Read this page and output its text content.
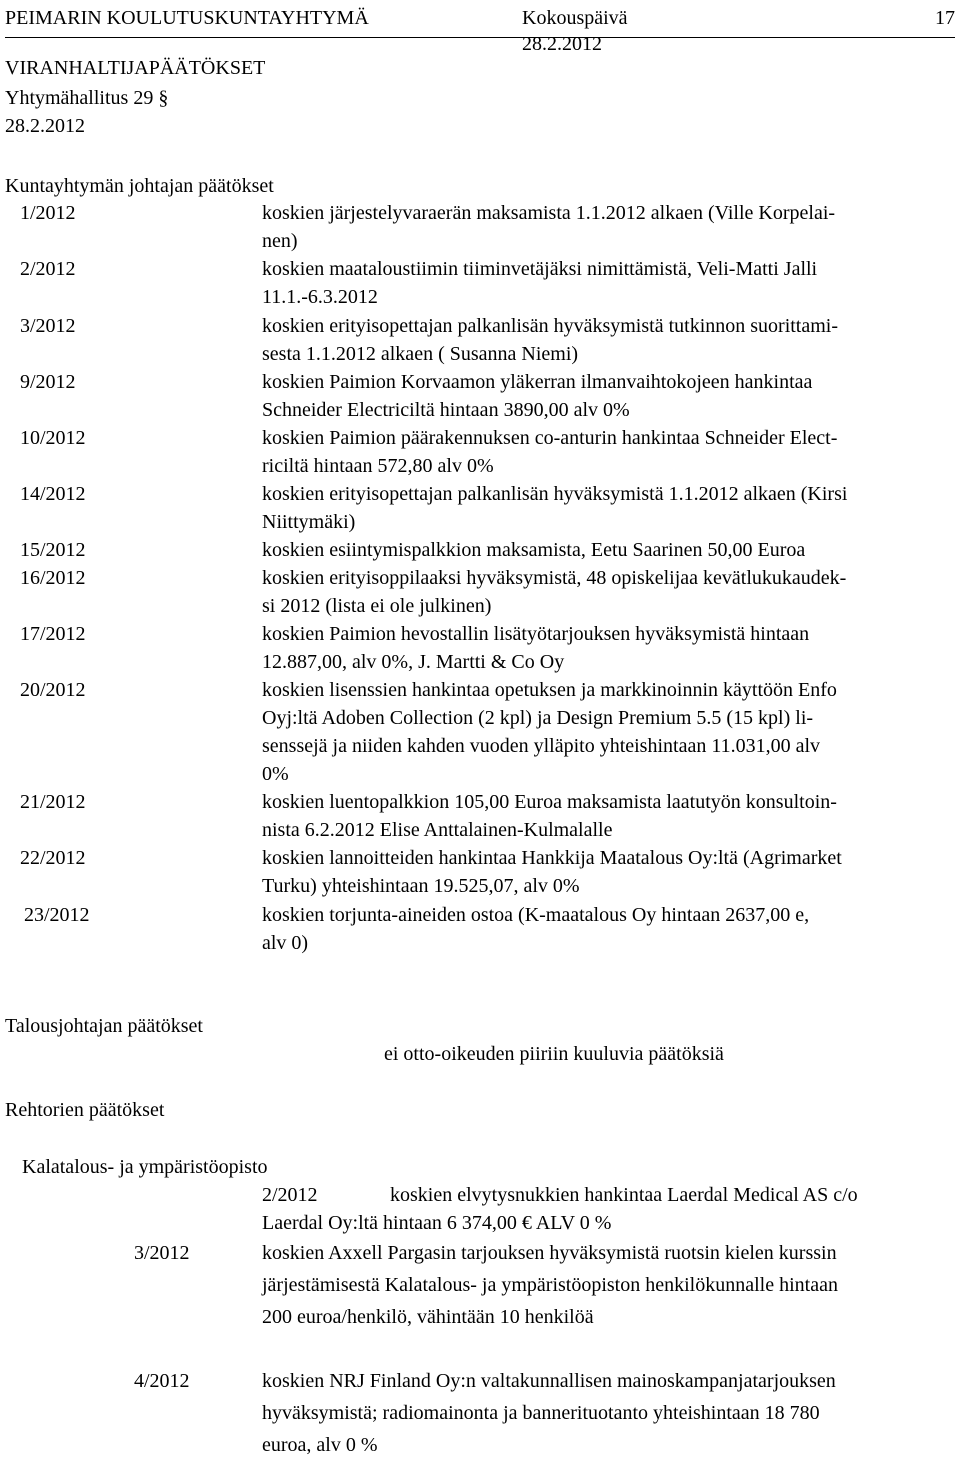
PEIMARIN KOULUTUSKUNTAYHTYMÄ	Kokouspäivä	17
28.2.2012
VIRANHALTIJAPÄÄTÖKSET
Yhtymähallitus 29 §
28.2.2012
Kuntayhtymän johtajan päätökset
1/2012	koskien järjestelyvaraerän maksamista 1.1.2012 alkaen (Ville Korpelai-
nen)
2/2012	koskien maataloustiimin tiiminvetäjäksi nimittämistä, Veli-Matti Jalli
11.1.-6.3.2012
3/2012	koskien erityisopettajan palkanlisän hyväksymistä tutkinnon suorittami-
sesta 1.1.2012 alkaen ( Susanna Niemi)
9/2012	koskien Paimion Korvaamon yläkerran ilmanvaihtokojeen hankintaa
Schneider Electriciltä hintaan 3890,00 alv 0%
10/2012	koskien Paimion päärakennuksen co-anturin hankintaa Schneider Elect-
riciltä hintaan 572,80 alv 0%
14/2012	koskien erityisopettajan palkanlisän hyväksymistä 1.1.2012 alkaen (Kirsi
Niittymäki)
15/2012	koskien esiintymispalkkion maksamista, Eetu Saarinen 50,00 Euroa
16/2012	koskien erityisoppilaaksi hyväksymistä, 48 opiskelijaa kevätlukukaudek-
si 2012 (lista ei ole julkinen)
17/2012	koskien Paimion hevostallin lisätyötarjouksen hyväksymistä hintaan
12.887,00, alv 0%, J. Martti & Co Oy
20/2012	koskien lisenssien hankintaa opetuksen ja markkinoinnin käyttöön Enfo
Oyj:ltä Adoben Collection (2 kpl) ja Design Premium 5.5 (15 kpl) li-
senssejä ja niiden kahden vuoden ylläpito yhteishintaan 11.031,00 alv
0%
21/2012	koskien luentopalkkion 105,00 Euroa maksamista laatutyön konsultoin-
nista 6.2.2012 Elise Anttalainen-Kulmalalle
22/2012	koskien lannoitteiden hankintaa Hankkija Maatalous Oy:ltä (Agrimarket
Turku) yhteishintaan 19.525,07, alv 0%
23/2012	koskien torjunta-aineiden ostoa (K-maatalous Oy hintaan 2637,00 e,
alv 0)
Talousjohtajan päätökset
ei otto-oikeuden piiriin kuuluvia päätöksiä
Rehtorien päätökset
Kalatalous- ja ympäristöopisto
2/2012	koskien elvytysnukkien hankintaa Laerdal Medical AS c/o
Laerdal Oy:ltä hintaan 6 374,00 € ALV 0 %
3/2012	koskien Axxell Pargasin tarjouksen hyväksymistä ruotsin kielen kurssin
järjestämisestä Kalatalous- ja ympäristöopiston henkilökunnalle hintaan
200 euroa/henkilö, vähintään 10 henkilöä
4/2012	koskien NRJ Finland Oy:n valtakunnallisen mainoskampanjatarjouksen
hyväksymistä; radiomainonta ja bannerituotanto yhteishintaan 18 780
euroa, alv 0 %
